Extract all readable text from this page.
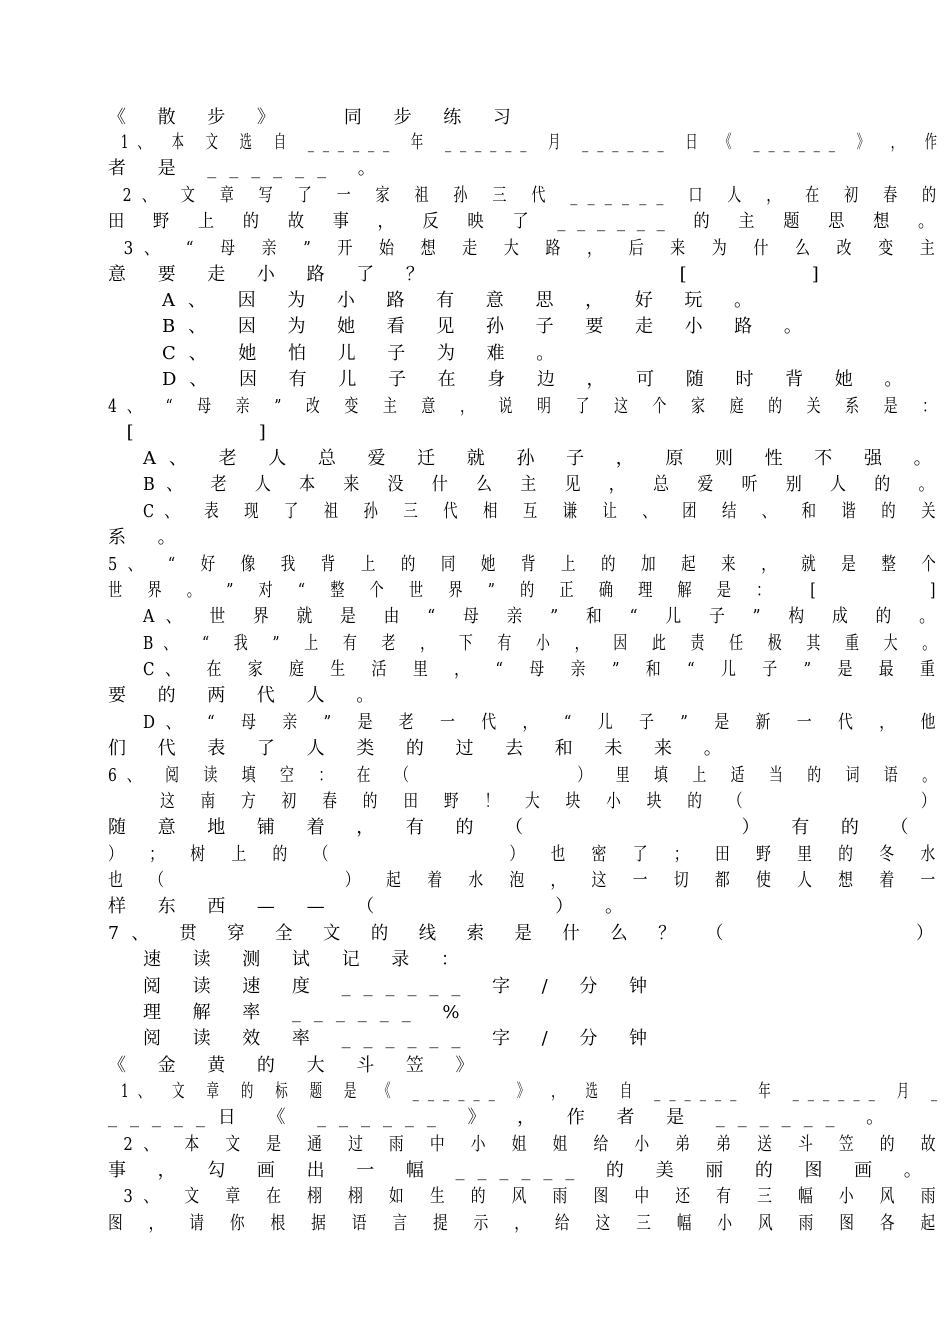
《 散 步 》   同 步 练 习
1、 本 文 选 自 ______ 年 ______ 月 ______ 日 《 ______ 》 ， 作
者 是 ______ 。
2、 文 章 写 了 一 家 祖 孙 三 代 ______ 口 人 ， 在 初 春 的
田 野 上 的 故 事 ， 反 映 了 ______ 的 主 题 思 想 。
3、 “ 母 亲 ” 开 始 想 走 大 路 ， 后 来 为 什 么 改 变 主
意 要 走 小 路 了 ？             [      ]
A、 因 为 小 路 有 意 思 ， 好 玩 。
B、 因 为 她 看 见 孙 子 要 走 小 路 。
C、 她 怕 儿 子 为 难 。
D、 因 有 儿 子 在 身 边 ， 可 随 时 背 她 。
4、 “ 母 亲 ” 改 变 主 意 ， 说 明 了 这 个 家 庭 的 关 系 是 ：
[      ]
A、 老 人 总 爱 迁 就 孙 子 ， 原 则 性 不 强 。
B、 老 人 本 来 没 什 么 主 见 ， 总 爱 听 别 人 的 。
C、 表 现 了 祖 孙 三 代 相 互 谦 让 、 团 结 、 和 谐 的 关
系 。
5、 “ 好 像 我 背 上 的 同 她 背 上 的 加 起 来 ， 就 是 整 个
世 界 。 ” 对 “ 整 个 世 界 ” 的 正 确 理 解 是 ：  [       ]
A、 世 界 就 是 由 “ 母 亲 ” 和 “ 儿 子 ” 构 成 的 。
B、 “ 我 ” 上 有 老 ， 下 有 小 ， 因 此 责 任 极 其 重 大 。
C、 在 家 庭 生 活 里 ， “ 母 亲 ” 和 “ 儿 子 ” 是 最 重
要 的 两 代 人 。
D、 “ 母 亲 ” 是 老 一 代 ， “ 儿 子 ” 是 新 一 代 ， 他
们 代 表 了 人 类 的 过 去 和 未 来 。
6、 阅 读 填 空 ： 在 （           ） 里 填 上 适 当 的 词 语 。
这 南 方 初 春 的 田 野 ！ 大 块 小 块 的 （           ）
随 意 地 铺 着 ， 有 的 （           ） 有 的 （
） ； 树 上 的 （           ） 也 密 了 ； 田 野 里 的 冬 水
也 （           ） 起 着 水 泡 ， 这 一 切 都 使 人 想 着 一
样 东 西 — — （         ） 。
7、 贯 穿 全 文 的 线 索 是 什 么 ？ （          ）
速 读 测 试 记 录 ：
阅 读 速 度 ______ 字 / 分 钟
理 解 率 ______ %
阅 读 效 率 ______ 字 / 分 钟
《 金 黄 的 大 斗 笠 》
1、 文 章 的 标 题 是 《 ______ 》 ， 选 自 ______ 年 ______ 月 _
_____日 《 ______ 》 ， 作 者 是 ______ 。
2、 本 文 是 通 过 雨 中 小 姐 姐 给 小 弟 弟 送 斗 笠 的 故
事 ， 勾 画 出 一 幅 ______ 的 美 丽 的 图 画 。
3、 文 章 在 栩 栩 如 生 的 风 雨 图 中 还 有 三 幅 小 风 雨
图 ， 请 你 根 据 语 言 提 示 ， 给 这 三 幅 小 风 雨 图 各 起
